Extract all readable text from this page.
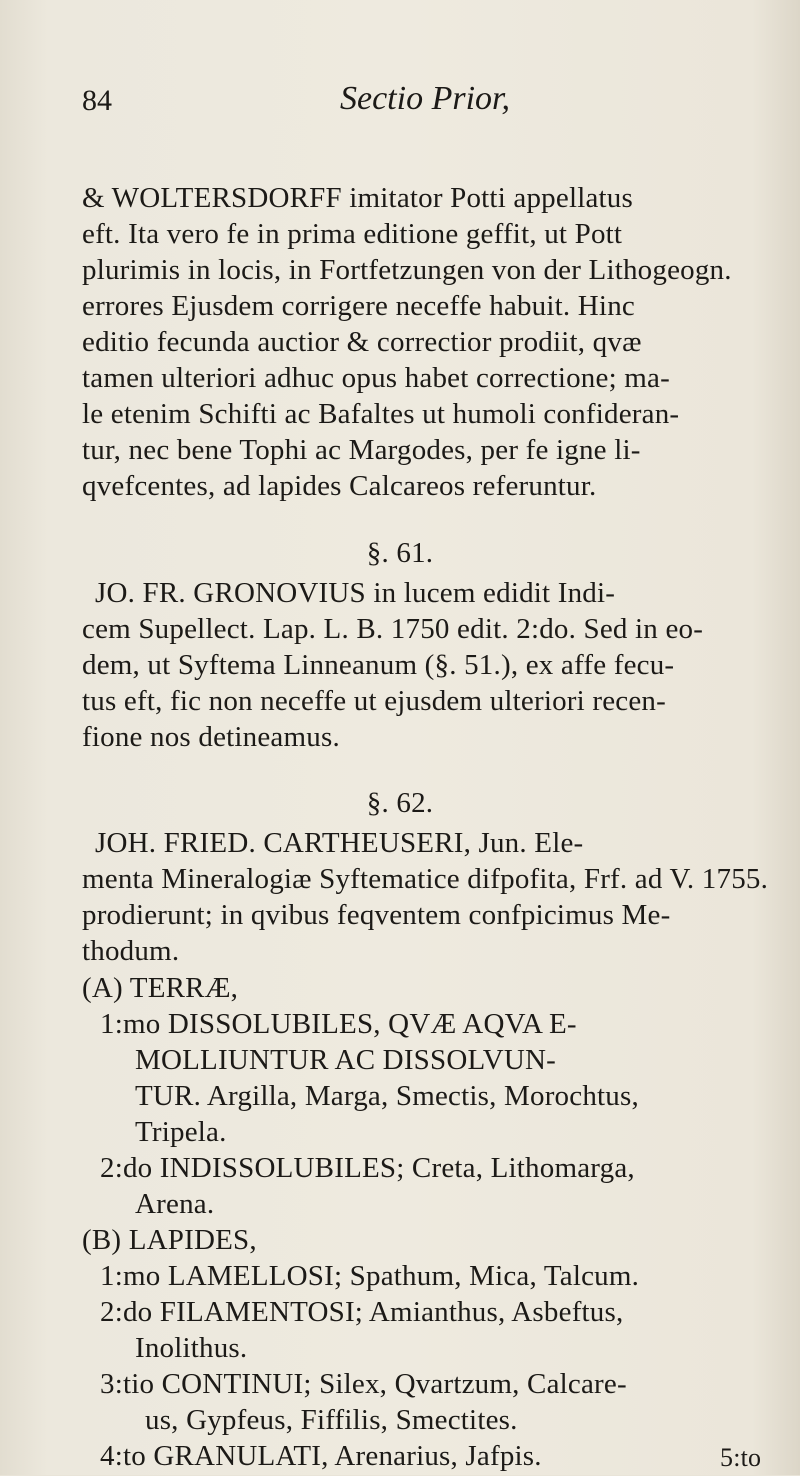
84	Sectio Prior,
& WOLTERSDORFF imitator Potti appellatus
eft. Ita vero fe in prima editione geffit, ut Pott
plurimis in locis, in Fortfetzungen von der Lithogeogn.
errores Ejusdem corrigere neceffe habuit. Hinc
editio fecunda auctior & correctior prodiit, qvæ
tamen ulteriori adhuc opus habet correctione; ma-
le etenim Schifti ac Bafaltes ut humoli confideran-
tur, nec bene Tophi ac Margodes, per fe igne li-
qvefcentes, ad lapides Calcareos referuntur.
§. 61.
JO. FR. GRONOVIUS in lucem edidit Indi-
cem Supellect. Lap. L. B. 1750 edit. 2:do. Sed in eo-
dem, ut Syftema Linneanum (§. 51.), ex affe fecu-
tus eft, fic non neceffe ut ejusdem ulteriori recen-
fione nos detineamus.
§. 62.
JOH. FRIED. CARTHEUSERI, Jun. Ele-
menta Mineralogiæ Syftematice difpofita, Frf. ad V. 1755.
prodierunt; in qvibus feqventem confpicimus Me-
thodum.
(A) TERRÆ,
1:mo DISSOLUBILES, QVÆ AQVA E-
MOLLIUNTUR AC DISSOLVUN-
TUR. Argilla, Marga, Smectis, Morochtus,
Tripela.
2:do INDISSOLUBILES; Creta, Lithomarga,
Arena.
(B) LAPIDES,
1:mo LAMELLOSI; Spathum, Mica, Talcum.
2:do FILAMENTOSI; Amianthus, Asbeftus,
Inolithus.
3:tio CONTINUI; Silex, Qvartzum, Calcare-
us, Gypfeus, Fiffilis, Smectites.
4:to GRANULATI, Arenarius, Jafpis.	5:to
